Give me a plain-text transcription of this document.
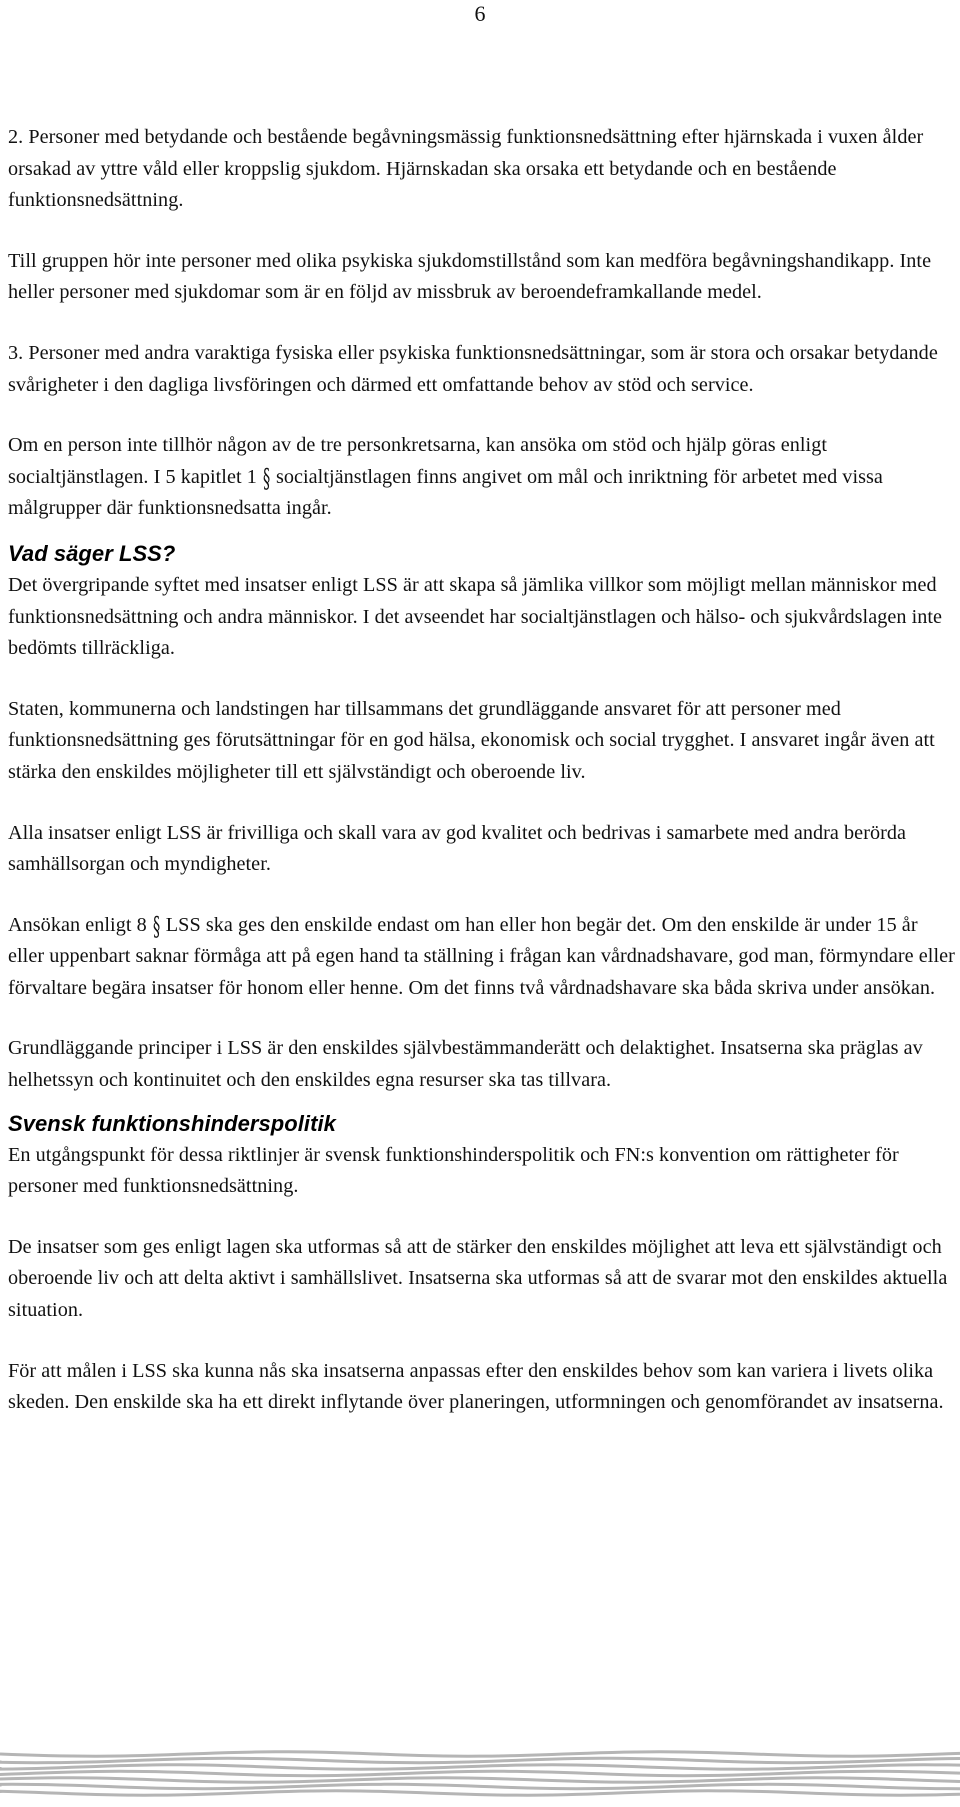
6

2. Personer med betydande och bestående begåvningsmässig funktionsnedsättning efter hjärnskada i vuxen ålder orsakad av yttre våld eller kroppslig sjukdom. Hjärnskadan ska orsaka ett betydande och en bestående funktionsnedsättning.

Till gruppen hör inte personer med olika psykiska sjukdomstillstånd som kan medföra begåvningshandikapp. Inte heller personer med sjukdomar som är en följd av missbruk av beroendeframkallande medel.

3. Personer med andra varaktiga fysiska eller psykiska funktionsnedsättningar, som är stora och orsakar betydande svårigheter i den dagliga livsföringen och därmed ett omfattande behov av stöd och service.

Om en person inte tillhör någon av de tre personkretsarna, kan ansöka om stöd och hjälp göras enligt socialtjänstlagen. I 5 kapitlet 1 § socialtjänstlagen finns angivet om mål och inriktning för arbetet med vissa målgrupper där funktionsnedsatta ingår.

Vad säger LSS?

Det övergripande syftet med insatser enligt LSS är att skapa så jämlika villkor som möjligt mellan människor med funktionsnedsättning och andra människor. I det avseendet har socialtjänstlagen och hälso- och sjukvårdslagen inte bedömts tillräckliga.

Staten, kommunerna och landstingen har tillsammans det grundläggande ansvaret för att personer med funktionsnedsättning ges förutsättningar för en god hälsa, ekonomisk och social trygghet. I ansvaret ingår även att stärka den enskildes möjligheter till ett självständigt och oberoende liv.

Alla insatser enligt LSS är frivilliga och skall vara av god kvalitet och bedrivas i samarbete med andra berörda samhällsorgan och myndigheter.

Ansökan enligt 8 § LSS ska ges den enskilde endast om han eller hon begär det. Om den enskilde är under 15 år eller uppenbart saknar förmåga att på egen hand ta ställning i frågan kan vårdnadshavare, god man, förmyndare eller förvaltare begära insatser för honom eller henne. Om det finns två vårdnadshavare ska båda skriva under ansökan.

Grundläggande principer i LSS är den enskildes självbestämmanderätt och delaktighet. Insatserna ska präglas av helhetssyn och kontinuitet och den enskildes egna resurser ska tas tillvara.

Svensk funktionshinderspolitik

En utgångspunkt för dessa riktlinjer är svensk funktionshinderspolitik och FN:s konvention om rättigheter för personer med funktionsnedsättning.

De insatser som ges enligt lagen ska utformas så att de stärker den enskildes möjlighet att leva ett självständigt och oberoende liv och att delta aktivt i samhällslivet. Insatserna ska utformas så att de svarar mot den enskildes aktuella situation.

För att målen i LSS ska kunna nås ska insatserna anpassas efter den enskildes behov som kan variera i livets olika skeden. Den enskilde ska ha ett direkt inflytande över planeringen, utformningen och genomförandet av insatserna.
